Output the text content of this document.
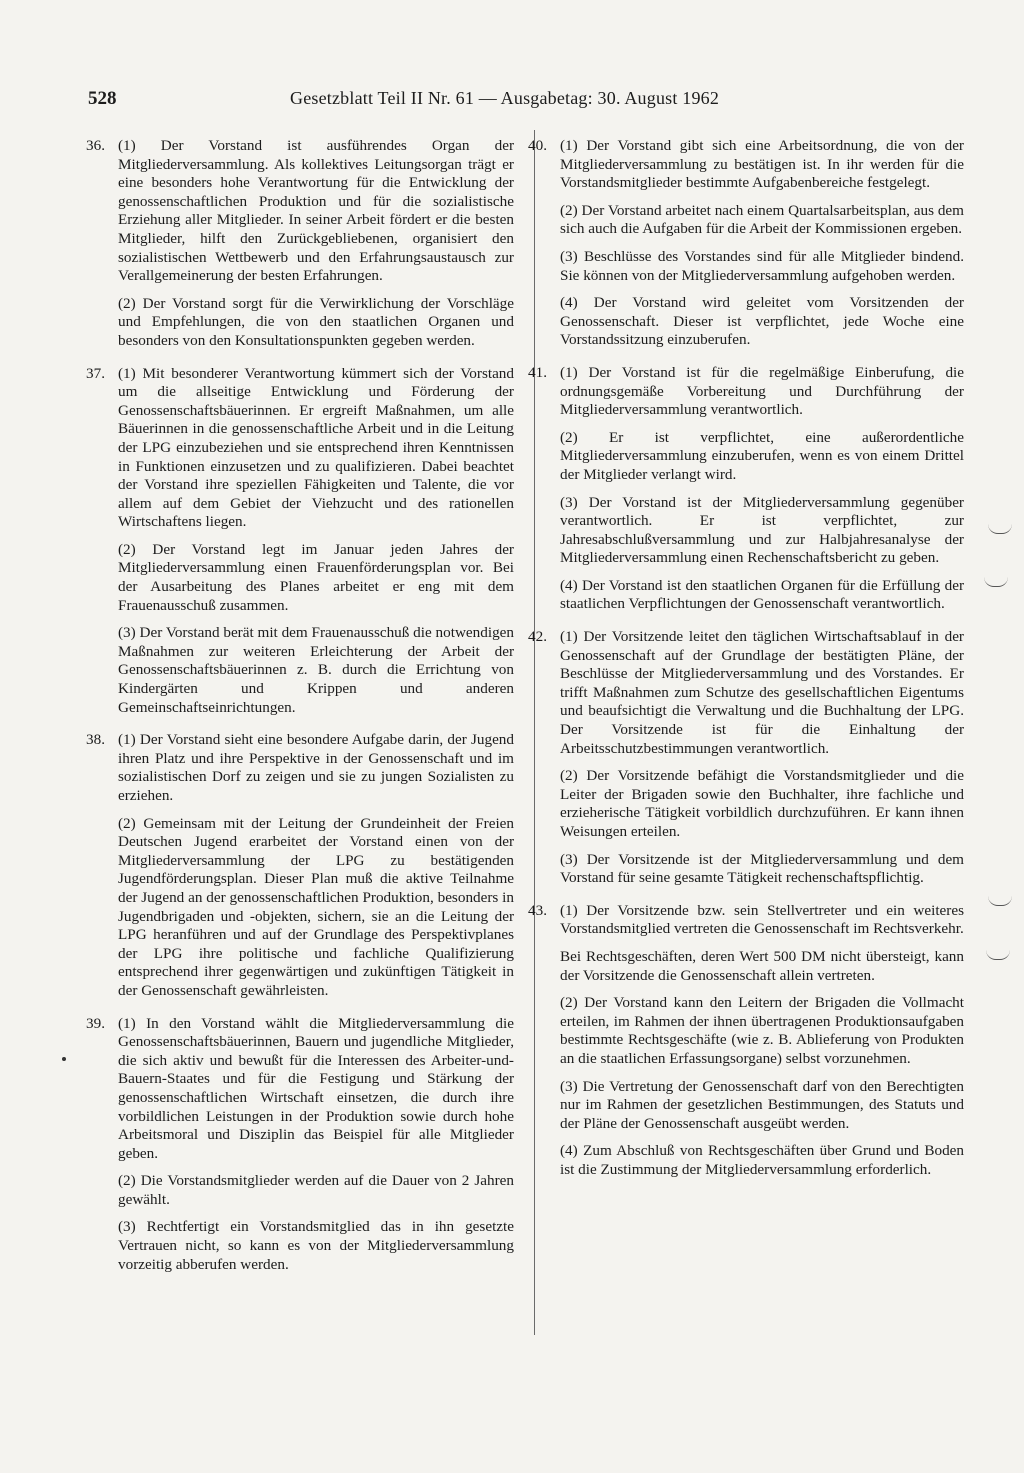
528	Gesetzblatt Teil II Nr. 61 — Ausgabetag: 30. August 1962
36. (1) Der Vorstand ist ausführendes Organ der Mitgliederversammlung. Als kollektives Leitungsorgan trägt er eine besonders hohe Verantwortung für die Entwicklung der genossenschaftlichen Produktion und für die sozialistische Erziehung aller Mitglieder. In seiner Arbeit fördert er die besten Mitglieder, hilft den Zurückgebliebenen, organisiert den sozialistischen Wettbewerb und den Erfahrungsaustausch zur Verallgemeinerung der besten Erfahrungen.

(2) Der Vorstand sorgt für die Verwirklichung der Vorschläge und Empfehlungen, die von den staatlichen Organen und besonders von den Konsultationspunkten gegeben werden.

37. (1) Mit besonderer Verantwortung kümmert sich der Vorstand um die allseitige Entwicklung und Förderung der Genossenschaftsbäuerinnen. Er ergreift Maßnahmen, um alle Bäuerinnen in die genossenschaftliche Arbeit und in die Leitung der LPG einzubeziehen und sie entsprechend ihren Kenntnissen in Funktionen einzusetzen und zu qualifizieren. Dabei beachtet der Vorstand ihre speziellen Fähigkeiten und Talente, die vor allem auf dem Gebiet der Viehzucht und des rationellen Wirtschaftens liegen.

(2) Der Vorstand legt im Januar jeden Jahres der Mitgliederversammlung einen Frauenförderungsplan vor. Bei der Ausarbeitung des Planes arbeitet er eng mit dem Frauenausschuß zusammen.

(3) Der Vorstand berät mit dem Frauenausschuß die notwendigen Maßnahmen zur weiteren Erleichterung der Arbeit der Genossenschaftsbäuerinnen z. B. durch die Errichtung von Kindergärten und Krippen und anderen Gemeinschaftseinrichtungen.

38. (1) Der Vorstand sieht eine besondere Aufgabe darin, der Jugend ihren Platz und ihre Perspektive in der Genossenschaft und im sozialistischen Dorf zu zeigen und sie zu jungen Sozialisten zu erziehen.

(2) Gemeinsam mit der Leitung der Grundeinheit der Freien Deutschen Jugend erarbeitet der Vorstand einen von der Mitgliederversammlung der LPG zu bestätigenden Jugendförderungsplan. Dieser Plan muß die aktive Teilnahme der Jugend an der genossenschaftlichen Produktion, besonders in Jugendbrigaden und -objekten, sichern, sie an die Leitung der LPG heranführen und auf der Grundlage des Perspektivplanes der LPG ihre politische und fachliche Qualifizierung entsprechend ihrer gegenwärtigen und zukünftigen Tätigkeit in der Genossenschaft gewährleisten.

39. (1) In den Vorstand wählt die Mitgliederversammlung die Genossenschaftsbäuerinnen, Bauern und jugendliche Mitglieder, die sich aktiv und bewußt für die Interessen des Arbeiter-und-Bauern-Staates und für die Festigung und Stärkung der genossenschaftlichen Wirtschaft einsetzen, die durch ihre vorbildlichen Leistungen in der Produktion sowie durch hohe Arbeitsmoral und Disziplin das Beispiel für alle Mitglieder geben.

(2) Die Vorstandsmitglieder werden auf die Dauer von 2 Jahren gewählt.

(3) Rechtfertigt ein Vorstandsmitglied das in ihn gesetzte Vertrauen nicht, so kann es von der Mitgliederversammlung vorzeitig abberufen werden.

40. (1) Der Vorstand gibt sich eine Arbeitsordnung, die von der Mitgliederversammlung zu bestätigen ist. In ihr werden für die Vorstandsmitglieder bestimmte Aufgabenbereiche festgelegt.

(2) Der Vorstand arbeitet nach einem Quartalsarbeitsplan, aus dem sich auch die Aufgaben für die Arbeit der Kommissionen ergeben.

(3) Beschlüsse des Vorstandes sind für alle Mitglieder bindend. Sie können von der Mitgliederversammlung aufgehoben werden.

(4) Der Vorstand wird geleitet vom Vorsitzenden der Genossenschaft. Dieser ist verpflichtet, jede Woche eine Vorstandssitzung einzuberufen.

41. (1) Der Vorstand ist für die regelmäßige Einberufung, die ordnungsgemäße Vorbereitung und Durchführung der Mitgliederversammlung verantwortlich.

(2) Er ist verpflichtet, eine außerordentliche Mitgliederversammlung einzuberufen, wenn es von einem Drittel der Mitglieder verlangt wird.

(3) Der Vorstand ist der Mitgliederversammlung gegenüber verantwortlich. Er ist verpflichtet, zur Jahresabschlußversammlung und zur Halbjahresanalyse der Mitgliederversammlung einen Rechenschaftsbericht zu geben.

(4) Der Vorstand ist den staatlichen Organen für die Erfüllung der staatlichen Verpflichtungen der Genossenschaft verantwortlich.

42. (1) Der Vorsitzende leitet den täglichen Wirtschaftsablauf in der Genossenschaft auf der Grundlage der bestätigten Pläne, der Beschlüsse der Mitgliederversammlung und des Vorstandes. Er trifft Maßnahmen zum Schutze des gesellschaftlichen Eigentums und beaufsichtigt die Verwaltung und die Buchhaltung der LPG. Der Vorsitzende ist für die Einhaltung der Arbeitsschutzbestimmungen verantwortlich.

(2) Der Vorsitzende befähigt die Vorstandsmitglieder und die Leiter der Brigaden sowie den Buchhalter, ihre fachliche und erzieherische Tätigkeit vorbildlich durchzuführen. Er kann ihnen Weisungen erteilen.

(3) Der Vorsitzende ist der Mitgliederversammlung und dem Vorstand für seine gesamte Tätigkeit rechenschaftspflichtig.

43. (1) Der Vorsitzende bzw. sein Stellvertreter und ein weiteres Vorstandsmitglied vertreten die Genossenschaft im Rechtsverkehr.

Bei Rechtsgeschäften, deren Wert 500 DM nicht übersteigt, kann der Vorsitzende die Genossenschaft allein vertreten.

(2) Der Vorstand kann den Leitern der Brigaden die Vollmacht erteilen, im Rahmen der ihnen übertragenen Produktionsaufgaben bestimmte Rechtsgeschäfte (wie z. B. Ablieferung von Produkten an die staatlichen Erfassungsorgane) selbst vorzunehmen.

(3) Die Vertretung der Genossenschaft darf von den Berechtigten nur im Rahmen der gesetzlichen Bestimmungen, des Statuts und der Pläne der Genossenschaft ausgeübt werden.

(4) Zum Abschluß von Rechtsgeschäften über Grund und Boden ist die Zustimmung der Mitgliederversammlung erforderlich.
